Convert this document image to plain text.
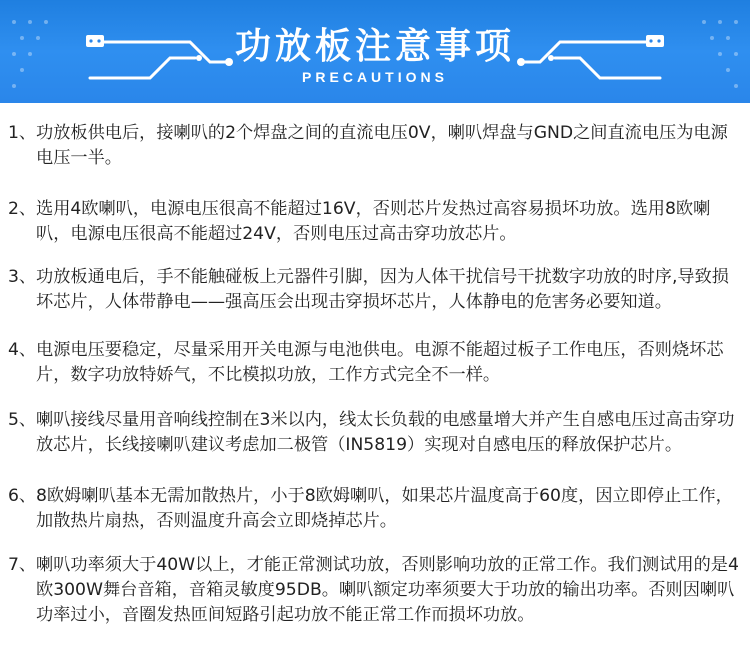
功放板注意事项
PRECAUTIONS
1、 功放板供电后，接喇叭的2个焊盘之间的直流电压0V，喇叭焊盘与GND之间直流电压为电源电压一半。
2、 选用4欧喇叭，电源电压很高不能超过16V，否则芯片发热过高容易损坏功放。选用8欧喇叭，电源电压很高不能超过24V，否则电压过高击穿功放芯片。
3、 功放板通电后，手不能触碰板上元器件引脚，因为人体干扰信号干扰数字功放的时序,导致损坏芯片，人体带静电——强高压会出现击穿损坏芯片，人体静电的危害务必要知道。
4、 电源电压要稳定，尽量采用开关电源与电池供电。电源不能超过板子工作电压，否则烧坏芯片，数字功放特娇气，不比模拟功放，工作方式完全不一样。
5、 喇叭接线尽量用音响线控制在3米以内，线太长负载的电感量增大并产生自感电压过高击穿功放芯片，长线接喇叭建议考虑加二极管（IN5819）实现对自感电压的释放保护芯片。
6、 8欧姆喇叭基本无需加散热片，小于8欧姆喇叭，如果芯片温度高于60度，因立即停止工作，加散热片扇热，否则温度升高会立即烧掉芯片。
7、 喇叭功率须大于40W以上，才能正常测试功放，否则影响功放的正常工作。我们测试用的是4欧300W舞台音箱，音箱灵敏度95DB。喇叭额定功率须要大于功放的输出功率。否则因喇叭功率过小，音圈发热匝间短路引起功放不能正常工作而损坏功放。
